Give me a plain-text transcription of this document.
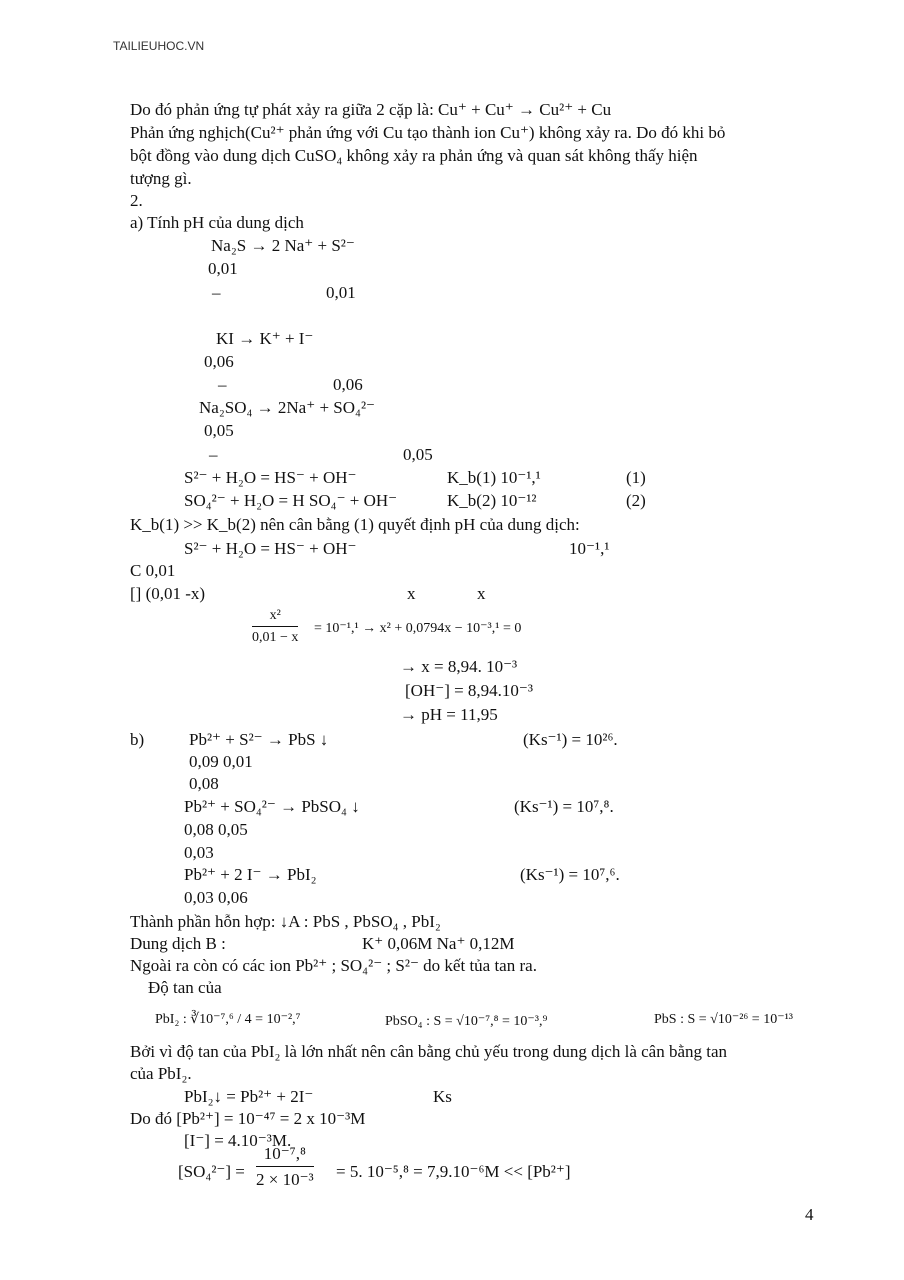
TAILIEUHOC.VN
Do đó phản ứng tự phát xảy ra giữa 2 cặp là: Cu⁺ + Cu⁺ → Cu²⁺ + Cu
Phản ứng nghịch(Cu²⁺ phản ứng với Cu tạo thành ion Cu⁺) không xảy ra. Do đó khi bỏ
bột đồng vào dung dịch CuSO₄ không xảy ra phản ứng và quan sát không thấy hiện
tượng gì.
2.
a) Tính pH của dung dịch
Na₂S → 2 Na⁺ + S²⁻
0,01
–	0,01
KI → K⁺ + I⁻
0,06
–	0,06
Na₂SO₄ → 2Na⁺ + SO₄²⁻
0,05
–	0,05
S²⁻ + H₂O = HS⁻ + OH⁻	K_b(1) 10⁻¹,¹	(1)
SO₄²⁻ + H₂O = H SO₄⁻ + OH⁻	K_b(2) 10⁻¹²	(2)
K_b(1) >> K_b(2) nên cân bằng (1) quyết định pH của dung dịch:
S²⁻ + H₂O = HS⁻ + OH⁻	10⁻¹,¹
C 0,01
[] (0,01 -x)	x	x
$\frac{\text{x²}}{0,01 - x} = 10^{-1},^1 \to x^2 + 0,0794x - 10^{-3},^1 = 0$
→ x = 8,94. 10⁻³
[OH⁻] = 8,94.10⁻³
→ pH = 11,95
b)	Pb²⁺ + S²⁻ → PbS ↓	(Ks⁻¹) = 10²⁶.
0,09 0,01
0,08
Pb²⁺ + SO₄²⁻ → PbSO₄ ↓	(Ks⁻¹) = 10⁷,⁸.
0,08 0,05
0,03
Pb²⁺ + 2 I⁻ → PbI₂	(Ks⁻¹) = 10⁷,⁶.
0,03 0,06
Thành phần hỗn hợp: ↓A : PbS , PbSO₄ , PbI₂
Dung dịch B :	K⁺ 0,06M Na⁺ 0,12M
Ngoài ra còn có các ion Pb²⁺ ; SO₄²⁻ ; S²⁻ do kết tủa tan ra.
Độ tan của
PbI₂ : ∛10⁻⁷,⁶ / 4 = 10⁻²,⁷	PbSO₄ : S = √10⁻⁷,⁸ = 10⁻³,⁹	PbS : S = √10⁻²⁶ = 10⁻¹³
Bởi vì độ tan của PbI₂ là lớn nhất nên cân bằng chủ yếu trong dung dịch là cân bằng tan
của PbI₂.
PbI₂↓ = Pb²⁺ + 2I⁻	Ks
Do đó [Pb²⁺] = 10⁻⁴⁷ = 2 x 10⁻³M
[I⁻] = 4.10⁻³M.
$[SO_4^{2-}] = \frac{\text{10⁻⁷,⁸}}{\text{2 × 10⁻³}} = 5$. 10⁻⁵,⁸ = 7,9.10⁻⁶M << [Pb²⁺]
4
